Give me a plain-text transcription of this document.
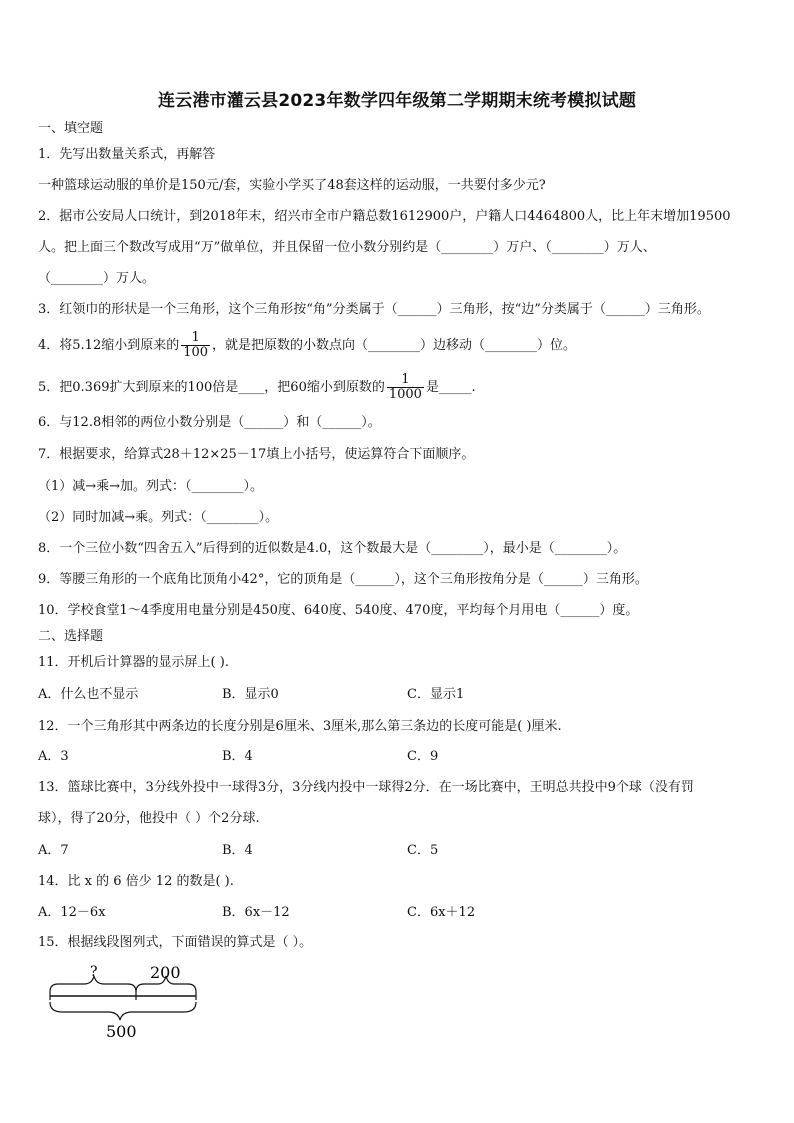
连云港市灌云县2023年数学四年级第二学期期末统考模拟试题
一、填空题
1．先写出数量关系式，再解答
一种篮球运动服的单价是150元/套，实验小学买了48套这样的运动服，一共要付多少元?
2．据市公安局人口统计，到2018年末，绍兴市全市户籍总数1612900户，户籍人口4464800人，比上年末增加19500
人。把上面三个数改写成用“万”做单位，并且保留一位小数分别约是（________）万户、（________）万人、
（________）万人。
3．红领巾的形状是一个三角形，这个三角形按“角”分类属于（______）三角形，按“边”分类属于（______）三角形。
4．将5.12缩小到原来的 $\frac{1}{100}$ ，就是把原数的小数点向（________）边移动（________）位。
5．把0.369扩大到原来的100倍是____，把60缩小到原数的 $\frac{1}{1000}$ 是_____.
6．与12.8相邻的两位小数分别是（______）和（______）。
7．根据要求，给算式28＋12×25－17填上小括号，使运算符合下面顺序。
（1）减→乘→加。列式：（________）。
（2）同时加减→乘。列式：（________）。
8．一个三位小数“四舍五入”后得到的近似数是4.0，这个数最大是（________），最小是（________）。
9．等腰三角形的一个底角比顶角小42°，它的顶角是（______），这个三角形按角分是（______）三角形。
10．学校食堂1～4季度用电量分别是450度、640度、540度、470度，平均每个月用电（______）度。
二、选择题
11．开机后计算器的显示屏上( ).
A．什么也不显示	B．显示0	C．显示1
12．一个三角形其中两条边的长度分别是6厘米、3厘米,那么第三条边的长度可能是( )厘米.
A．3	B．4	C．9
13．篮球比赛中，3分线外投中一球得3分，3分线内投中一球得2分．在一场比赛中，王明总共投中9个球（没有罚
球），得了20分，他投中（ ）个2分球.
A．7	B．4	C．5
14．比 x 的 6 倍少 12 的数是( ).
A．12－6x	B．6x－12	C．6x＋12
15．根据线段图列式，下面错误的算式是（ ）。
?	200
500
